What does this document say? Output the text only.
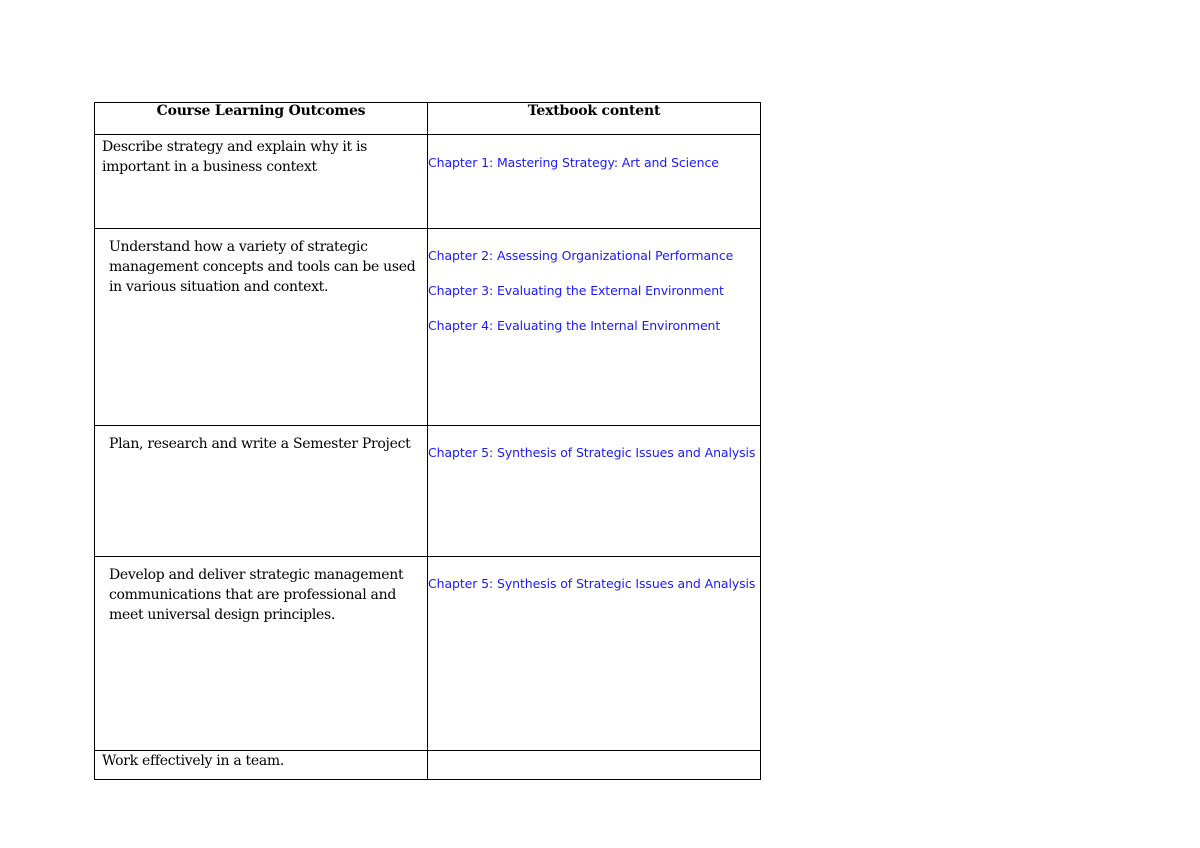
Course Learning Outcomes	Textbook content

Describe strategy and explain why it is important in a business context	Chapter 1: Mastering Strategy: Art and Science

Understand how a variety of strategic management concepts and tools can be used in various situation and context.	Chapter 2: Assessing Organizational Performance
Chapter 3: Evaluating the External Environment
Chapter 4: Evaluating the Internal Environment

Plan, research and write a Semester Project	Chapter 5: Synthesis of Strategic Issues and Analysis

Develop and deliver strategic management communications that are professional and meet universal design principles.	Chapter 5: Synthesis of Strategic Issues and Analysis

Work effectively in a team.	
